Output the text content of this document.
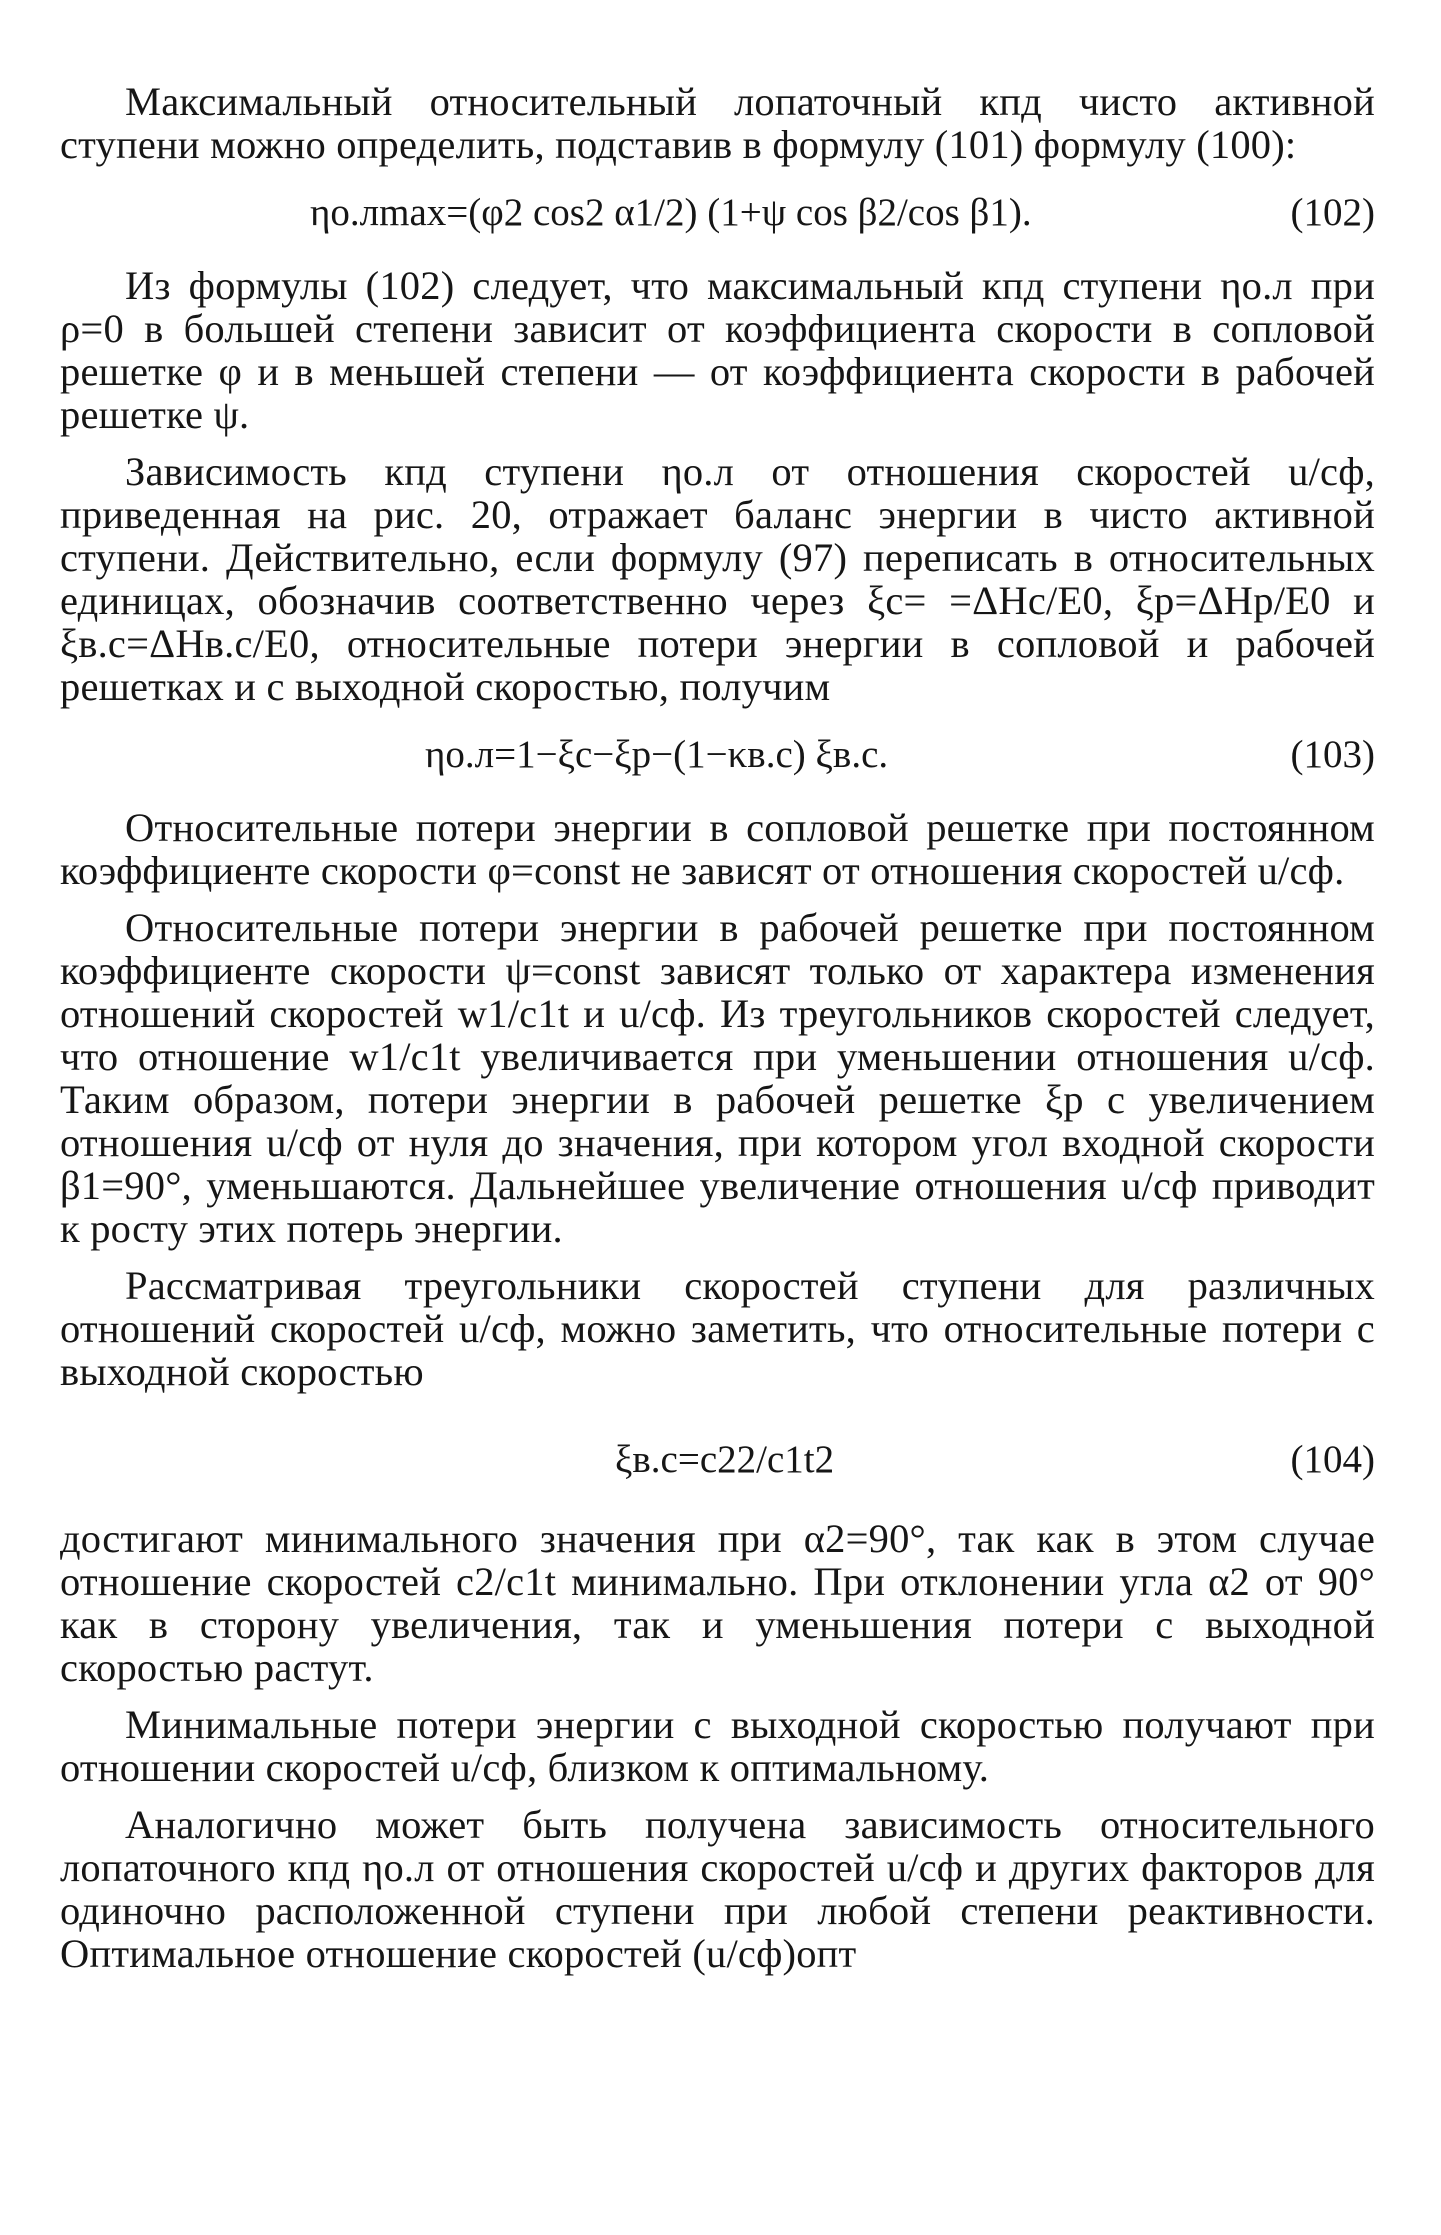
Максимальный относительный лопаточный кпд чисто активной ступени можно определить, подставив в формулу (101) формулу (100):

ηо.лmax=(φ2 cos2 α1/2) (1+ψ cos β2/cos β1).	(102)

Из формулы (102) следует, что максимальный кпд ступени ηо.л при ρ=0 в большей степени зависит от коэффициента скорости в сопловой решетке φ и в меньшей степени — от коэффициента скорости в рабочей решетке ψ.

Зависимость кпд ступени ηо.л от отношения скоростей u/cф, приведенная на рис. 20, отражает баланс энергии в чисто активной ступени. Действительно, если формулу (97) переписать в относительных единицах, обозначив соответственно через ξс= =ΔHс/E0, ξр=ΔHр/E0 и ξв.с=ΔHв.с/E0, относительные потери энергии в сопловой и рабочей решетках и с выходной скоростью, получим

ηо.л=1−ξс−ξр−(1−κв.с) ξв.с.	(103)

Относительные потери энергии в сопловой решетке при постоянном коэффициенте скорости φ=const не зависят от отношения скоростей u/cф.

Относительные потери энергии в рабочей решетке при постоянном коэффициенте скорости ψ=const зависят только от характера изменения отношений скоростей w1/c1t и u/cф. Из треугольников скоростей следует, что отношение w1/c1t увеличивается при уменьшении отношения u/cф. Таким образом, потери энергии в рабочей решетке ξр с увеличением отношения u/cф от нуля до значения, при котором угол входной скорости β1=90°, уменьшаются. Дальнейшее увеличение отношения u/cф приводит к росту этих потерь энергии.

Рассматривая треугольники скоростей ступени для различных отношений скоростей u/cф, можно заметить, что относительные потери с выходной скоростью

ξв.с=c22/c1t2	(104)

достигают минимального значения при α2=90°, так как в этом случае отношение скоростей c2/c1t минимально. При отклонении угла α2 от 90° как в сторону увеличения, так и уменьшения потери с выходной скоростью растут.

Минимальные потери энергии с выходной скоростью получают при отношении скоростей u/cф, близком к оптимальному.

Аналогично может быть получена зависимость относительного лопаточного кпд ηо.л от отношения скоростей u/cф и других факторов для одиночно расположенной ступени при любой степени реактивности. Оптимальное отношение скоростей (u/cф)опт
